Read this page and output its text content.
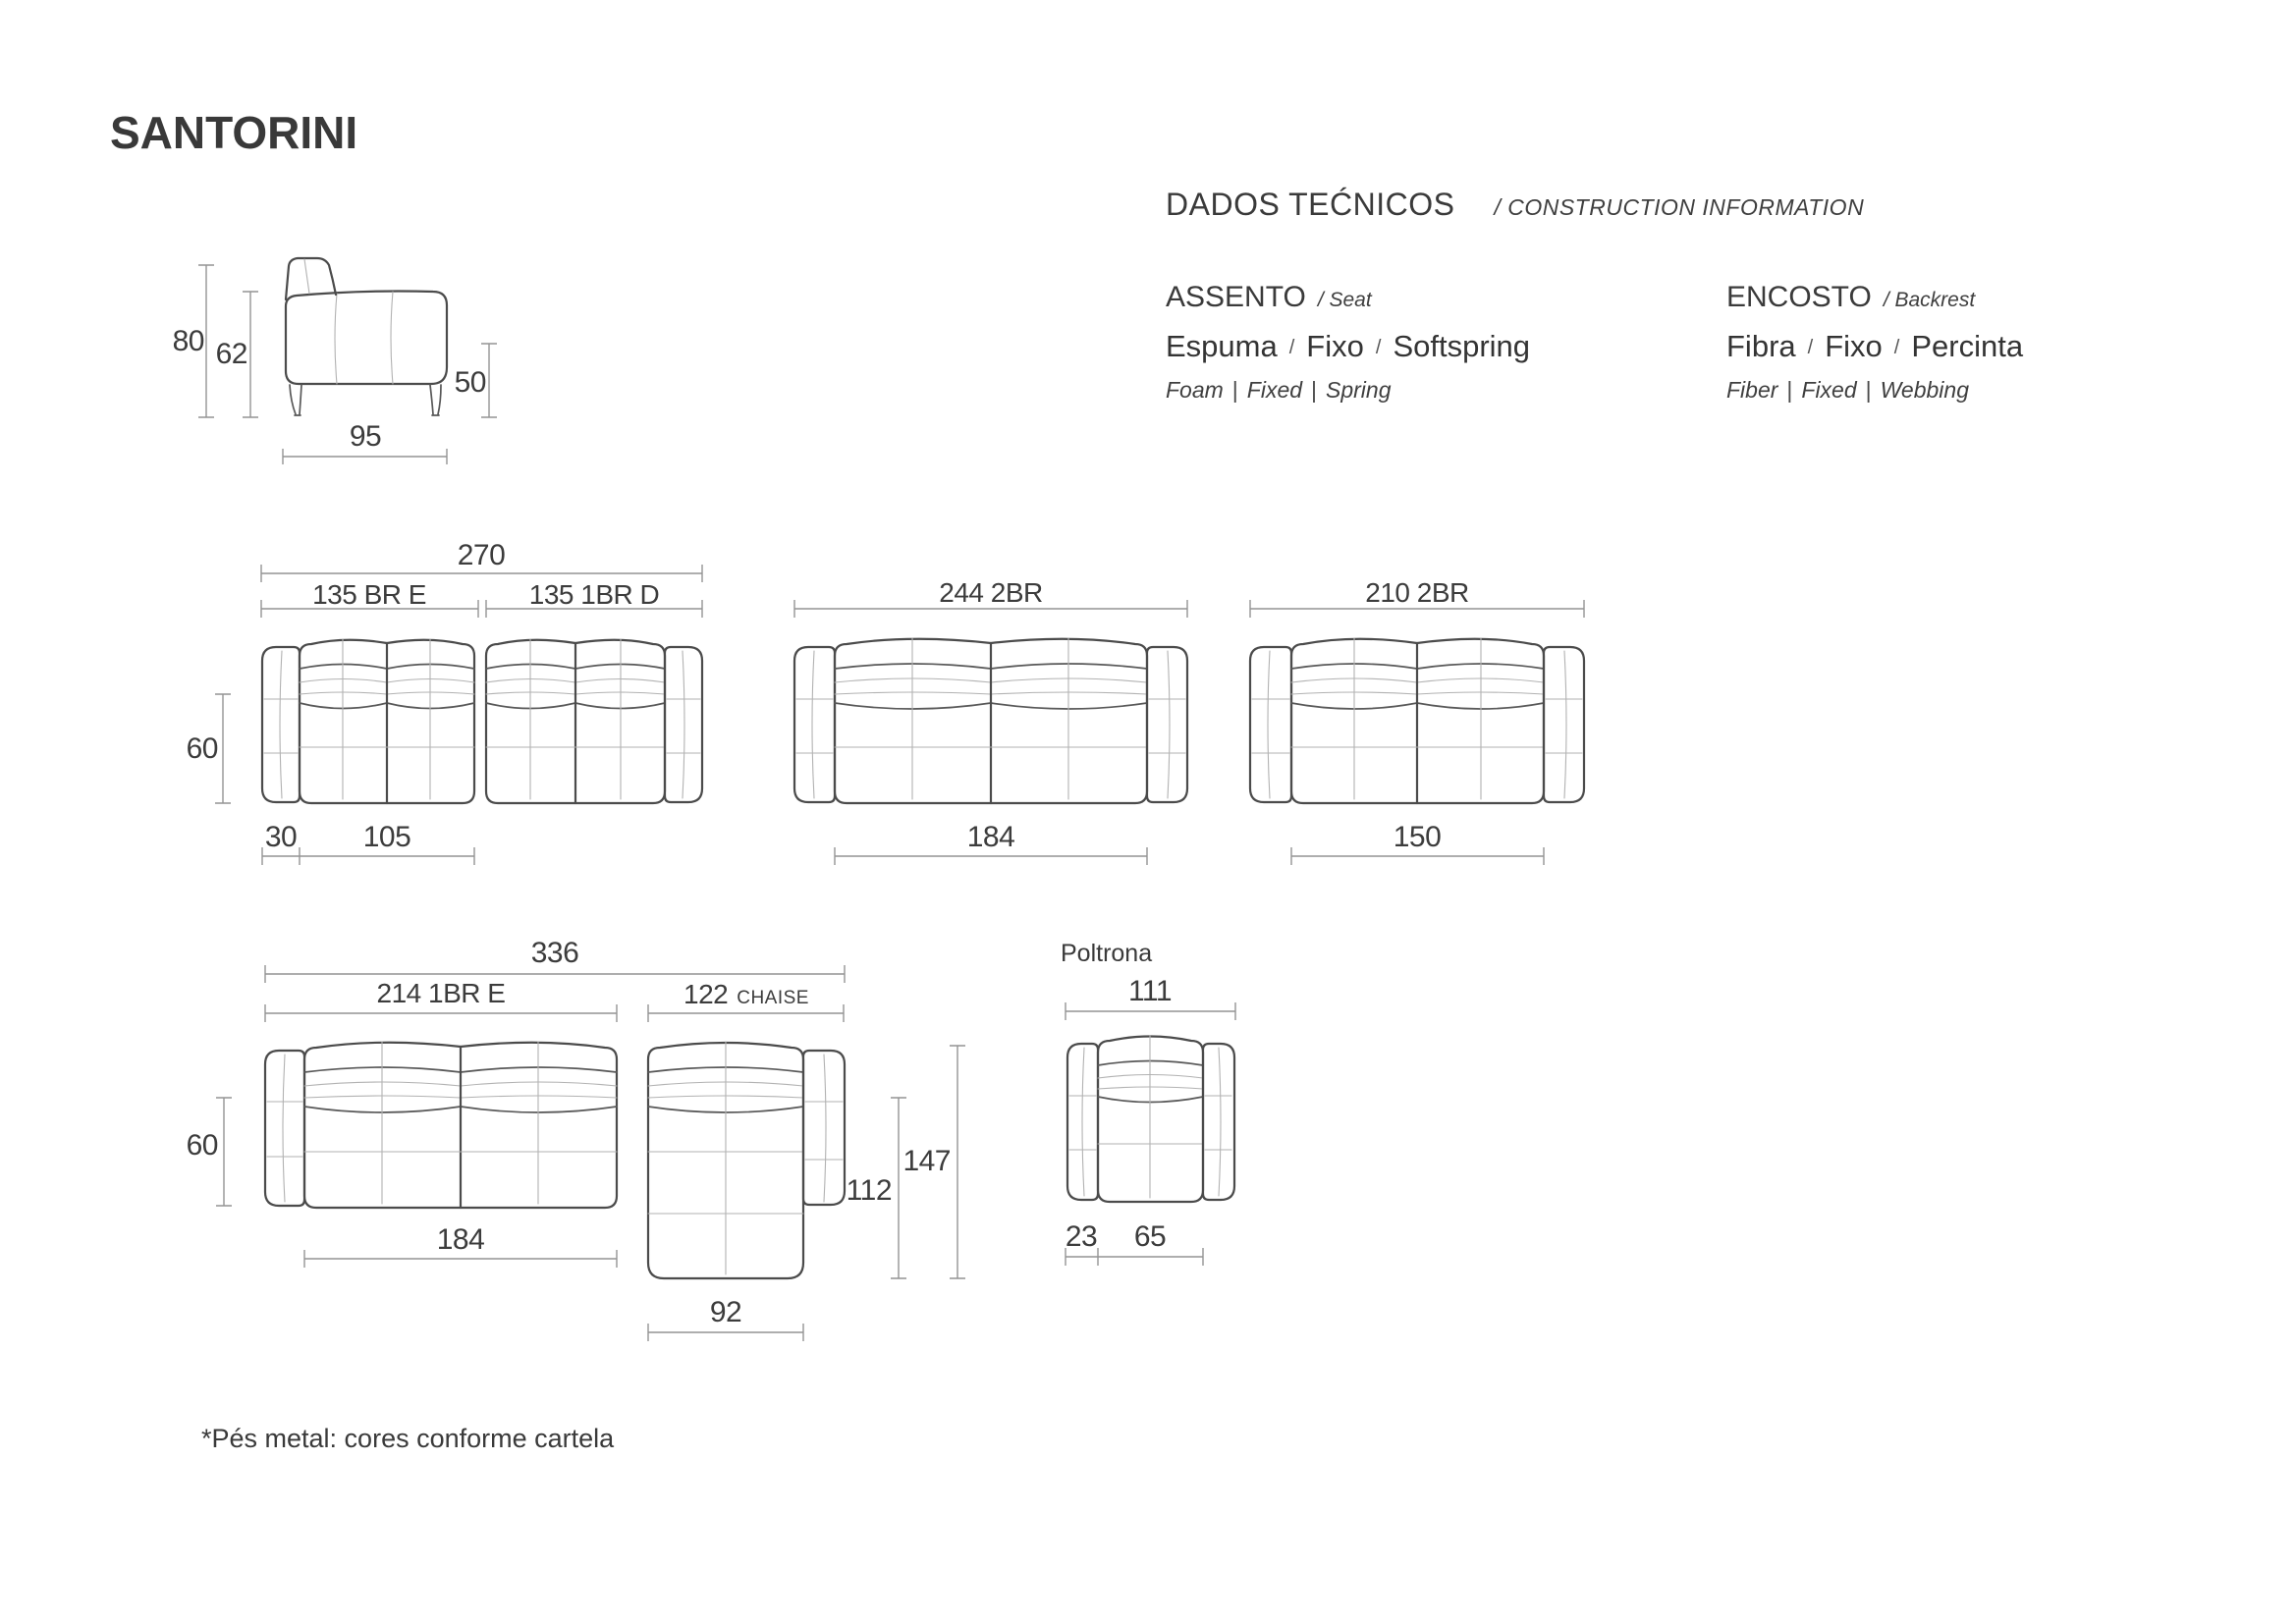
SANTORINI
DADOS TEĆNICOS / CONSTRUCTION INFORMATION
ASSENTO / Seat
Espuma / Fixo / Softspring
Foam | Fixed | Spring
ENCOSTO / Backrest
Fibra / Fixo / Percinta
Fiber | Fixed | Webbing
80 62
50
95
270
135 BR E	135 1BR D
60
30 105
244 2BR
184
210 2BR
150
336
214 1BR E	122 CHAISE
60
184
112
147
92
Poltrona
111
23 65
*Pés metal: cores conforme cartela
